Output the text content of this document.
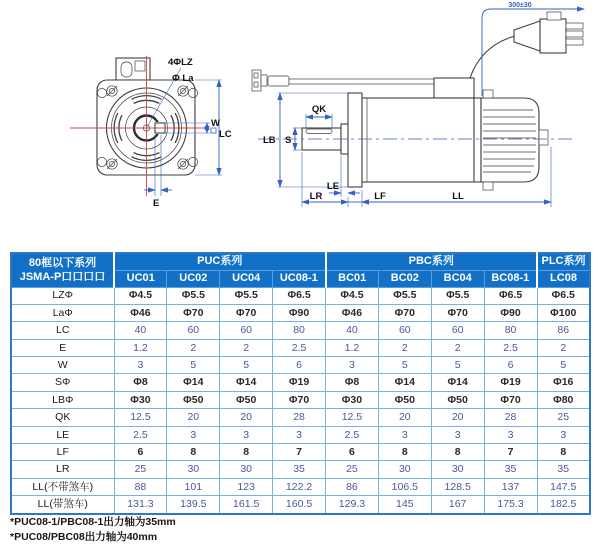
4ΦLZ
Φ La
W
LC
E
300±30
QK
LB S
LE
LR	LF	LL
80框以下系列
JSMA-P口口口口	PUC系列				PBC系列				PLC系列
	UC01	UC02	UC04	UC08-1	BC01	BC02	BC04	BC08-1	LC08
LZΦ	Φ4.5	Φ5.5	Φ5.5	Φ6.5	Φ4.5	Φ5.5	Φ5.5	Φ6.5	Φ6.5
LaΦ	Φ46	Φ70	Φ70	Φ90	Φ46	Φ70	Φ70	Φ90	Φ100
LC	40	60	60	80	40	60	60	80	86
E	1.2	2	2	2.5	1.2	2	2	2.5	2
W	3	5	5	6	3	5	5	6	5
SΦ	Φ8	Φ14	Φ14	Φ19	Φ8	Φ14	Φ14	Φ19	Φ16
LBΦ	Φ30	Φ50	Φ50	Φ70	Φ30	Φ50	Φ50	Φ70	Φ80
QK	12.5	20	20	28	12.5	20	20	28	25
LE	2.5	3	3	3	2.5	3	3	3	3
LF	6	8	8	7	6	8	8	7	8
LR	25	30	30	35	25	30	30	35	35
LL(不带煞车)	88	101	123	122.2	86	106.5	128.5	137	147.5
LL(带煞车)	131.3	139.5	161.5	160.5	129.3	145	167	175.3	182.5
*PUC08-1/PBC08-1出力轴为35mm
*PUC08/PBC08出力轴为40mm
